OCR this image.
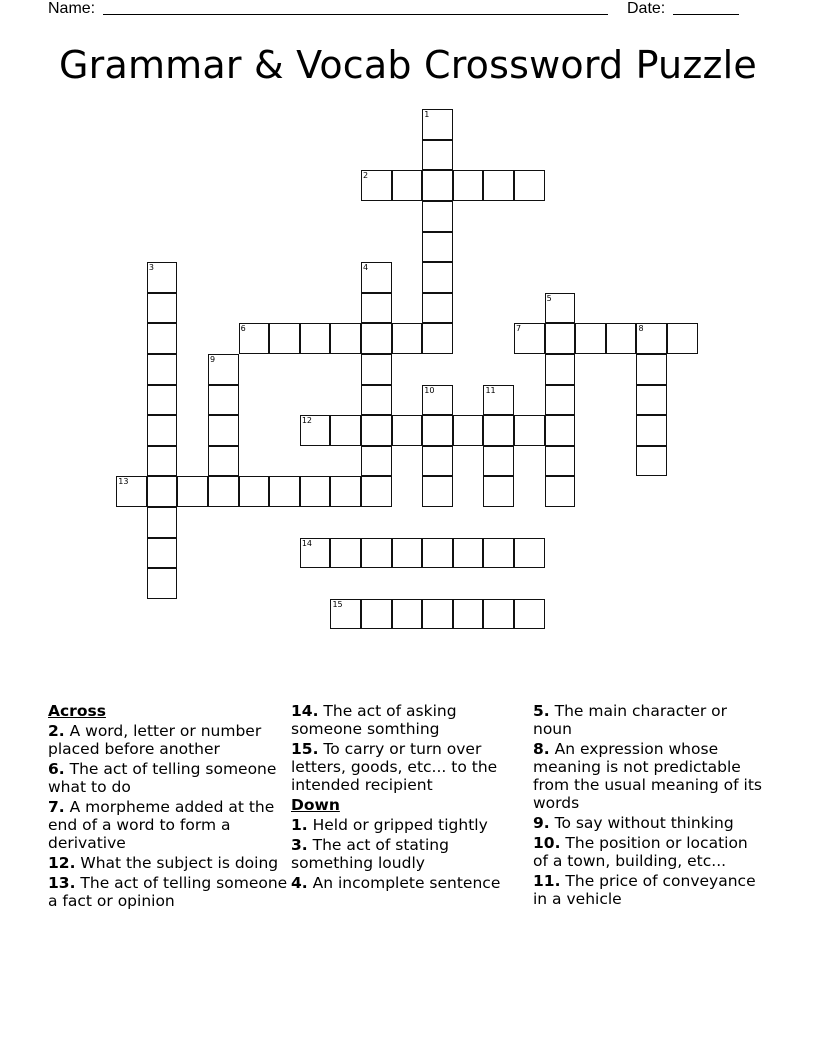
Name:	Date:
Grammar & Vocab Crossword Puzzle
1
2
3	4
5
6	7	8
9
10	11
12
13
14
15
Across
2. A word, letter or number placed before another
6. The act of telling someone what to do
7. A morpheme added at the end of a word to form a derivative
12. What the subject is doing
13. The act of telling someone a fact or opinion
14. The act of asking someone somthing
15. To carry or turn over letters, goods, etc... to the intended recipient
Down
1. Held or gripped tightly
3. The act of stating something loudly
4. An incomplete sentence
5. The main character or noun
8. An expression whose meaning is not predictable from the usual meaning of its words
9. To say without thinking
10. The position or location of a town, building, etc...
11. The price of conveyance in a vehicle
